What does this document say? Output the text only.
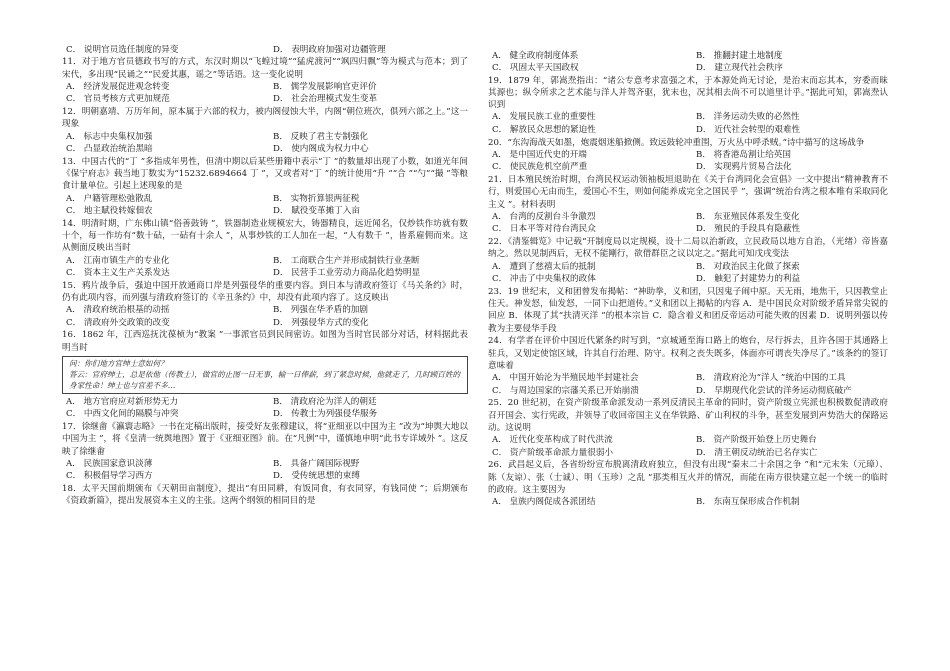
C． 说明官员选任制度的异变	D． 表明政府加强对边疆管理

11．对于地方官员德政书写的方式，东汉时期以“飞蝗过境”“猛虎渡河”“飒四归飘”等为模式与范本；到了宋代，多出现“民诵之”“民爱其惠，谣之”等话语。这一变化说明

A． 经济发展促进观念转变	B． 儒学发展影响官吏评价
C． 官员考核方式更加规范	D． 社会治理模式发生变革

12．明朝嘉靖、万历年间，原本属于六部的权力，被内阁侵蚀大半，内阁“朝位班次，俱列六部之上。”这一现象

A． 标志中央集权加强	B． 反映了君主专制强化
C． 凸显政治统治黑暗	D． 使内阁成为权力中心

13．中国古代的“丁 ”多指成年男性，但清中期以后某些册籍中表示“丁 ”的数量却出现了小数，如道光年间《保宁府志》载当地丁数实为“15232.6894664 丁 ”，又或者对“丁 ”的统计使用“升 ”“合 ”“勺”“撮 ”等粮食计量单位。引起上述现象的是

A． 户籍管理松弛散乱	B． 实物折算银两征税
C． 地主賦役转嫁佃农	D． 賦役变革摊丁入亩

14．明清时期，广东佛山镇“俗善鼓铸 ”，铁器制造业规模宏大，铸器精良，远近闻名，仅炒铁作坊就有数十个，每一作坊有“数十砧，一砧有十余人 ”，从事炒铁的工人加在一起，“人有数千 ”，皆系雇佣而来。这从侧面反映出当时

A． 江南市镇生产的专业化	B． 工商联合生产并形成制铁行业垄断
C． 资本主义生产关系发达	D． 民营手工业劳动力商品化趋势明显

15．鸦片战争后，强迫中国开放通商口岸是列强侵华的重要内容。到日本与清政府签订《马关条约》时，仍有此项内容，而列强与清政府签订的《辛丑条约》中，却没有此项内容了。这反映出

A． 清政府统治根基的动摇	B． 列强在华矛盾的加剧
C． 清政府外交政策的改变	D． 列强侵华方式的变化

16．1862 年，江西巡抚沈葆桢为“教案 ”一事派官员到民间密访。如图为当时官民部分对话，材料据此表明当时

问：你们地方官绅士意如何？
答云：官府绅士，总是依他（传教士），做官的止图一日无事，输一日俸薪，到了紧急时候，他就走了，几时顾百姓的身家性命！绅士也与官差不多…
A． 地方官府应对新形势无力	B． 清政府沦为洋人的朝廷
C． 中西文化间的隔膜与冲突	D． 传教士为列强侵华服务

17．徐继畬《瀛寰志略》一书在定稿出版时，接受好友张穆建议，将“亚细亚以中国为主 ”改为“坤舆大地以中国为主 ”，将《皇清一统舆地图》置于《亚细亚图》前。在“凡例”中，谨慎地申明“此书专详域外 ”。这反映了徐继畬

A． 民族国家意识淡薄	B． 具备广阔国际视野
C． 积极倡导学习西方	D． 受传统思想的束缚

18．太平天国前期颁布《天朝田亩制度》，提出“有田同耕，有饭同食，有衣同穿，有钱同使 ”；后期颁布《资政新篇》，提出发展资本主义的主张。这两个纲领的相同目的是

A． 健全政府制度体系	B． 推翻封建土地制度
C． 巩固太平天国政权	D． 建立现代社会秩序

19．1879 年，郭嵩焘指出：“诸公专意考求富强之术，于本源处尚无讨论，是治末而忘其本，穷委而昧其源也；纵令所求之艺术能与洋人并驾齐驱，犹末也，况其相去尚不可以道里计乎。”据此可知，郭嵩焘认识到

A． 发展民族工业的重要性	B． 洋务运动失败的必然性
C． 解放民众思想的紧迫性	D． 近代社会转型的艰难性

20．“东沟海战天如墨，炮震烟迷船掀侧。致远鼓轮冲重围，万火丛中呼杀贼。”诗中描写的这场战争

A． 是中国近代史的开端	B． 将香港岛割让给英国
C． 使民族危机空前严重	D． 实现鸦片贸易合法化

21．日本殖民统治时期，台湾民权运动领袖板垣退助在《关于台湾同化会宣倡》一文中提出“精神教育不行，则爱国心无由而生，爱国心不生，则如何能养成完全之国民乎 ”，强调“统治台湾之根本唯有采取同化主义 ”。材料表明

A． 台湾的反割台斗争激烈	B． 东亚殖民体系发生变化
C． 日本平等对待台湾民众	D． 殖民的手段具有隐蔽性

22．《清鉴辑览》中记载“开制度局以定规模，设十二局以治新政，立民政局以地方自治，（光绪）帝皆嘉纳之。然以见制西后，无权不能剛行，欲借群臣之议以定之。”据此可知戊戌变法

A． 遭到了慈禧太后的抵制	B． 对政治民主化做了探索
C． 冲击了中央集权的政体	D． 触犯了封建势力的利益

23．19 世纪末，义和团曾发布揭帖：“神助拳，义和团，只因鬼子闹中原。天无雨，地焦干，只因教堂止住天。神发怒，仙发怒，一同下山把道传。”义和团以上揭帖的内容 A．是中国民众对阶级矛盾异常尖锐的回应 B．体现了其“扶清灭洋 ”的根本宗旨 C．隐含着义和团反帝运动可能失败的因素 D．说明列强以传教为主要侵华手段

24．有学者在评价中国近代紧条约时写到，“京城通至海口路上的炮台，尽行拆去，且许各国于其通路上驻兵，又划定使馆区域，许其自行治理、防守。权利之丧失既多，体面亦可谓丧失净尽了。”该条约的签订意味着

A． 中国开始沦为半殖民地半封建社会	B． 清政府沦为“洋人 ”统治中国的工具
C． 与周边国家的宗藩关系已开始崩溃	D． 早期现代化尝试的洋务运动彻底破产

25．20 世纪初，在资产阶级革命派发动一系列反清民主革命的同时，资产阶级立宪派也积极数促清政府召开国会、实行宪政，并领导了收回帝国主义在华铁路、矿山利权的斗争，甚至发展到声势浩大的保路运动。这说明

A． 近代化变革构成了时代洪流	B． 资产阶级开始登上历史舞台
C． 资产阶级革命派力量很弱小	D． 清王朝反动统治已名存实亡

26．武昌起义后，各省纷纷宣布脱离清政府独立，但没有出现“秦末二十余国之争 ”和“元末朱（元璋）、陈（友谅）、张（士诚）、明（玉珍）之乱 ”那类相互火并的情况，而能在南方很快建立起一个统一的临时的政府。这主要因为

A． 皇族内阁促成各派团结	B． 东南互保形成合作机制
